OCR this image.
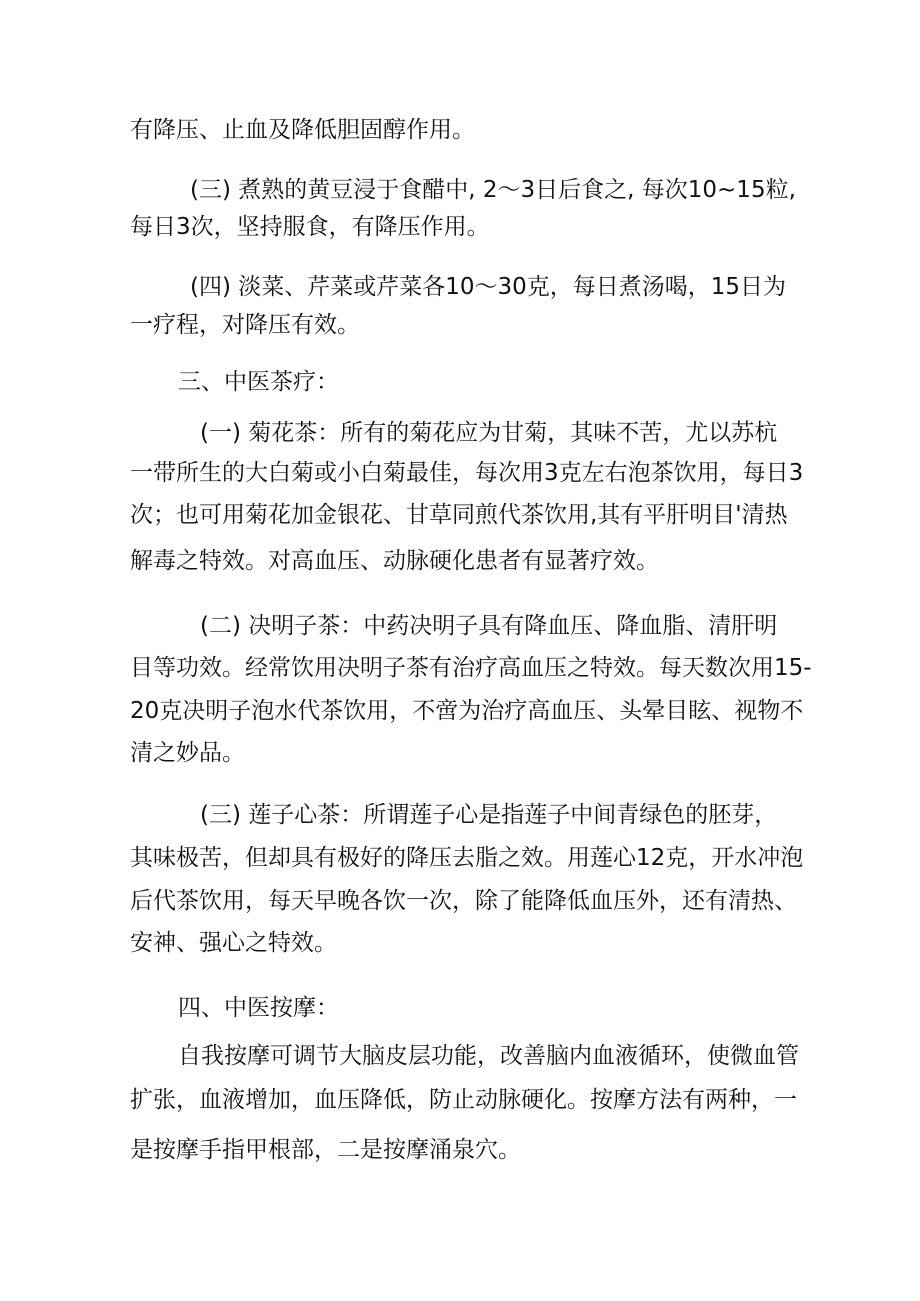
有降压、止血及降低胆固醇作用。
(三) 煮熟的黄豆浸于食醋中, 2～3日后食之, 每次10~15粒,
每日3次，坚持服食，有降压作用。
(四) 淡菜、芹菜或芹菜各10～30克，每日煮汤喝，15日为
一疗程，对降压有效。
三、中医茶疗：
(一) 菊花茶：所有的菊花应为甘菊，其味不苦，尤以苏杭
一带所生的大白菊或小白菊最佳，每次用3克左右泡茶饮用，每日3
次；也可用菊花加金银花、甘草同煎代茶饮用,其有平肝明目'清热
解毒之特效。对高血压、动脉硬化患者有显著疗效。
(二) 决明子茶：中药决明子具有降血压、降血脂、清肝明
目等功效。经常饮用决明子茶有治疗高血压之特效。每天数次用15-
20克决明子泡水代茶饮用，不啻为治疗高血压、头晕目眩、视物不
清之妙品。
(三) 莲子心茶：所谓莲子心是指莲子中间青绿色的胚芽，
其味极苦，但却具有极好的降压去脂之效。用莲心12克，开水冲泡
后代茶饮用，每天早晚各饮一次，除了能降低血压外，还有清热、
安神、强心之特效。
四、中医按摩：
自我按摩可调节大脑皮层功能，改善脑内血液循环，使微血管
扩张，血液增加，血压降低，防止动脉硬化。按摩方法有两种，一
是按摩手指甲根部，二是按摩涌泉穴。
